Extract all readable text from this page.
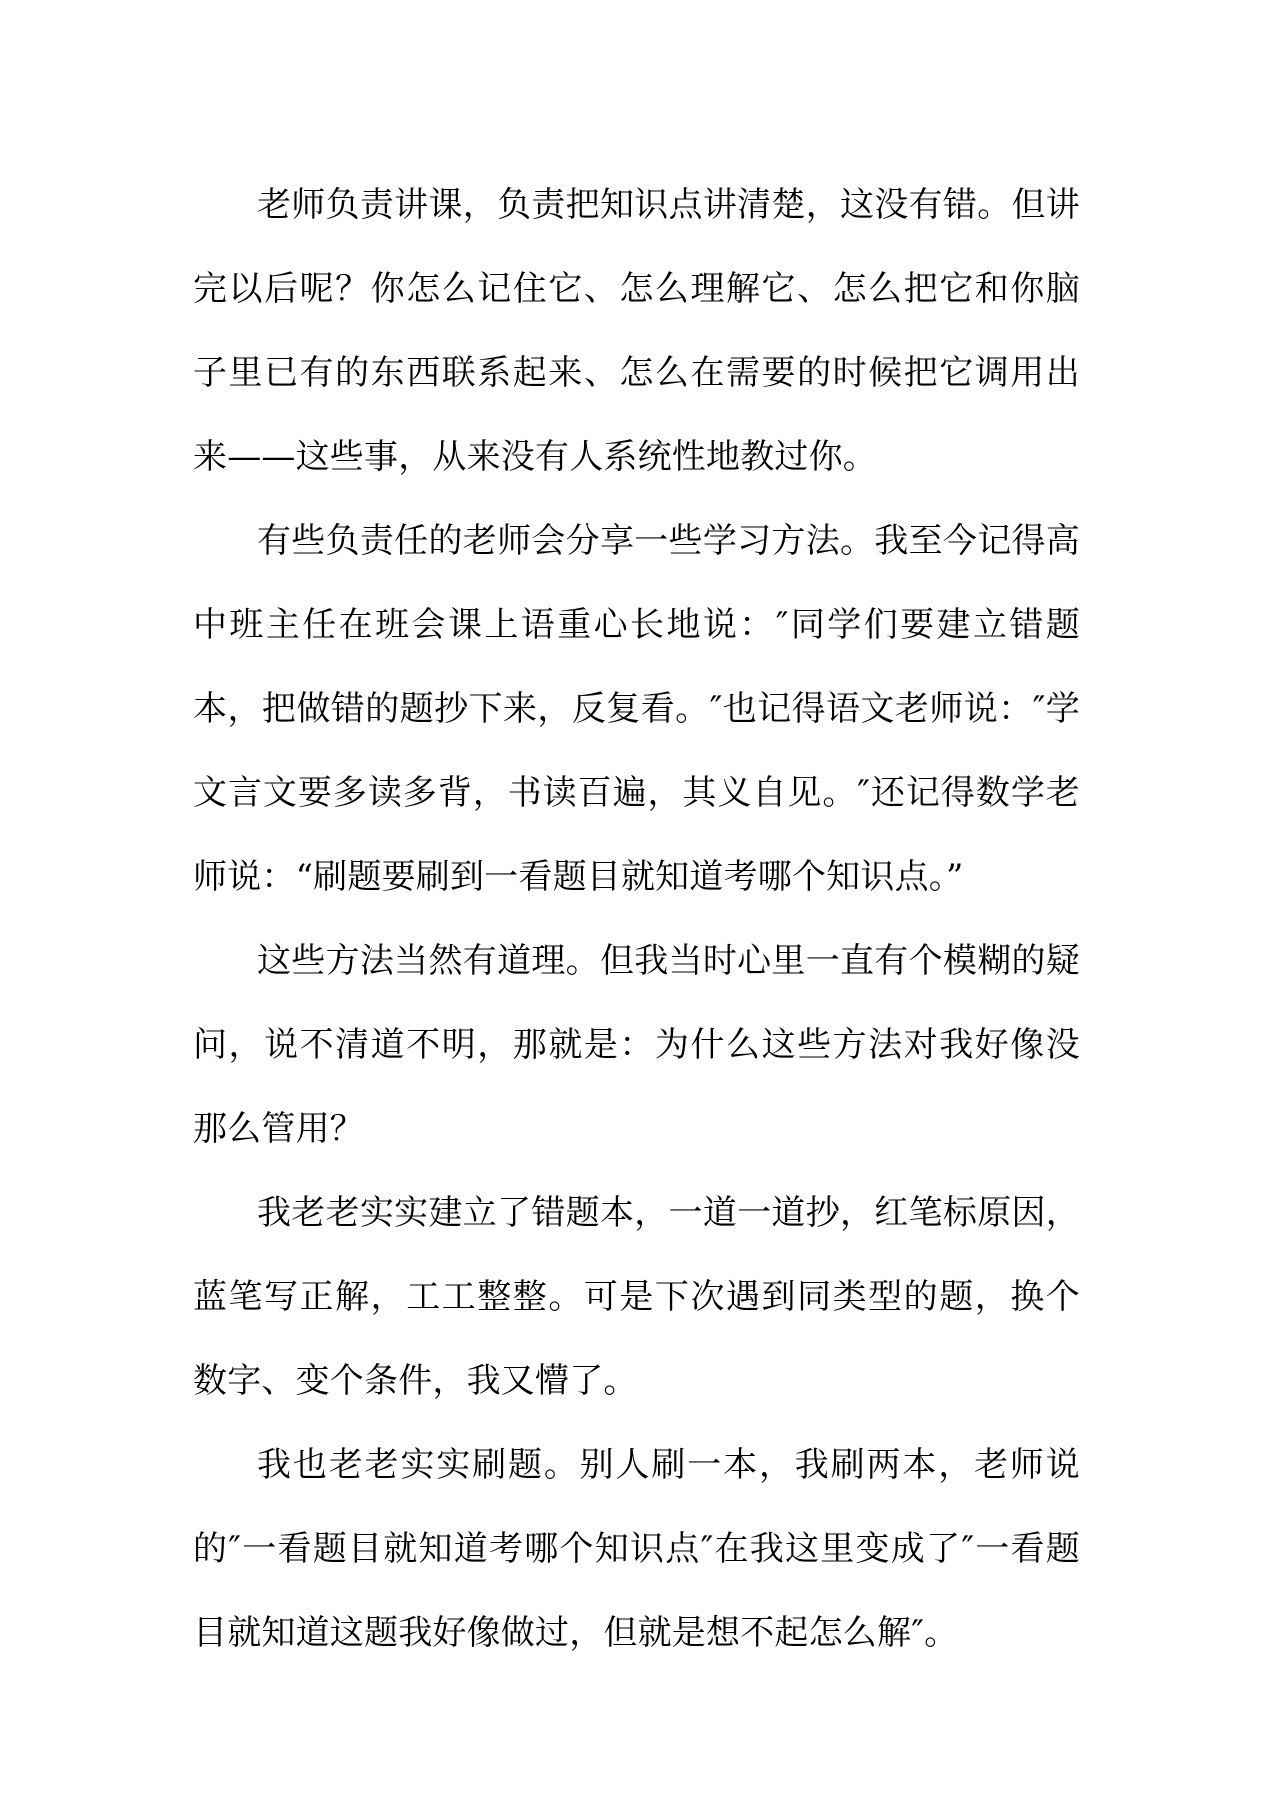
老师负责讲课，负责把知识点讲清楚，这没有错。但讲完以后呢？你怎么记住它、怎么理解它、怎么把它和你脑子里已有的东西联系起来、怎么在需要的时候把它调用出来——这些事，从来没有人系统性地教过你。

有些负责任的老师会分享一些学习方法。我至今记得高中班主任在班会课上语重心长地说：″同学们要建立错题本，把做错的题抄下来，反复看。″也记得语文老师说：″学文言文要多读多背，书读百遍，其义自见。″还记得数学老师说：“刷题要刷到一看题目就知道考哪个知识点。”

这些方法当然有道理。但我当时心里一直有个模糊的疑问，说不清道不明，那就是：为什么这些方法对我好像没那么管用？

我老老实实建立了错题本，一道一道抄，红笔标原因，蓝笔写正解，工工整整。可是下次遇到同类型的题，换个数字、变个条件，我又懵了。

我也老老实实刷题。别人刷一本，我刷两本，老师说的″一看题目就知道考哪个知识点″在我这里变成了″一看题目就知道这题我好像做过，但就是想不起怎么解″。
